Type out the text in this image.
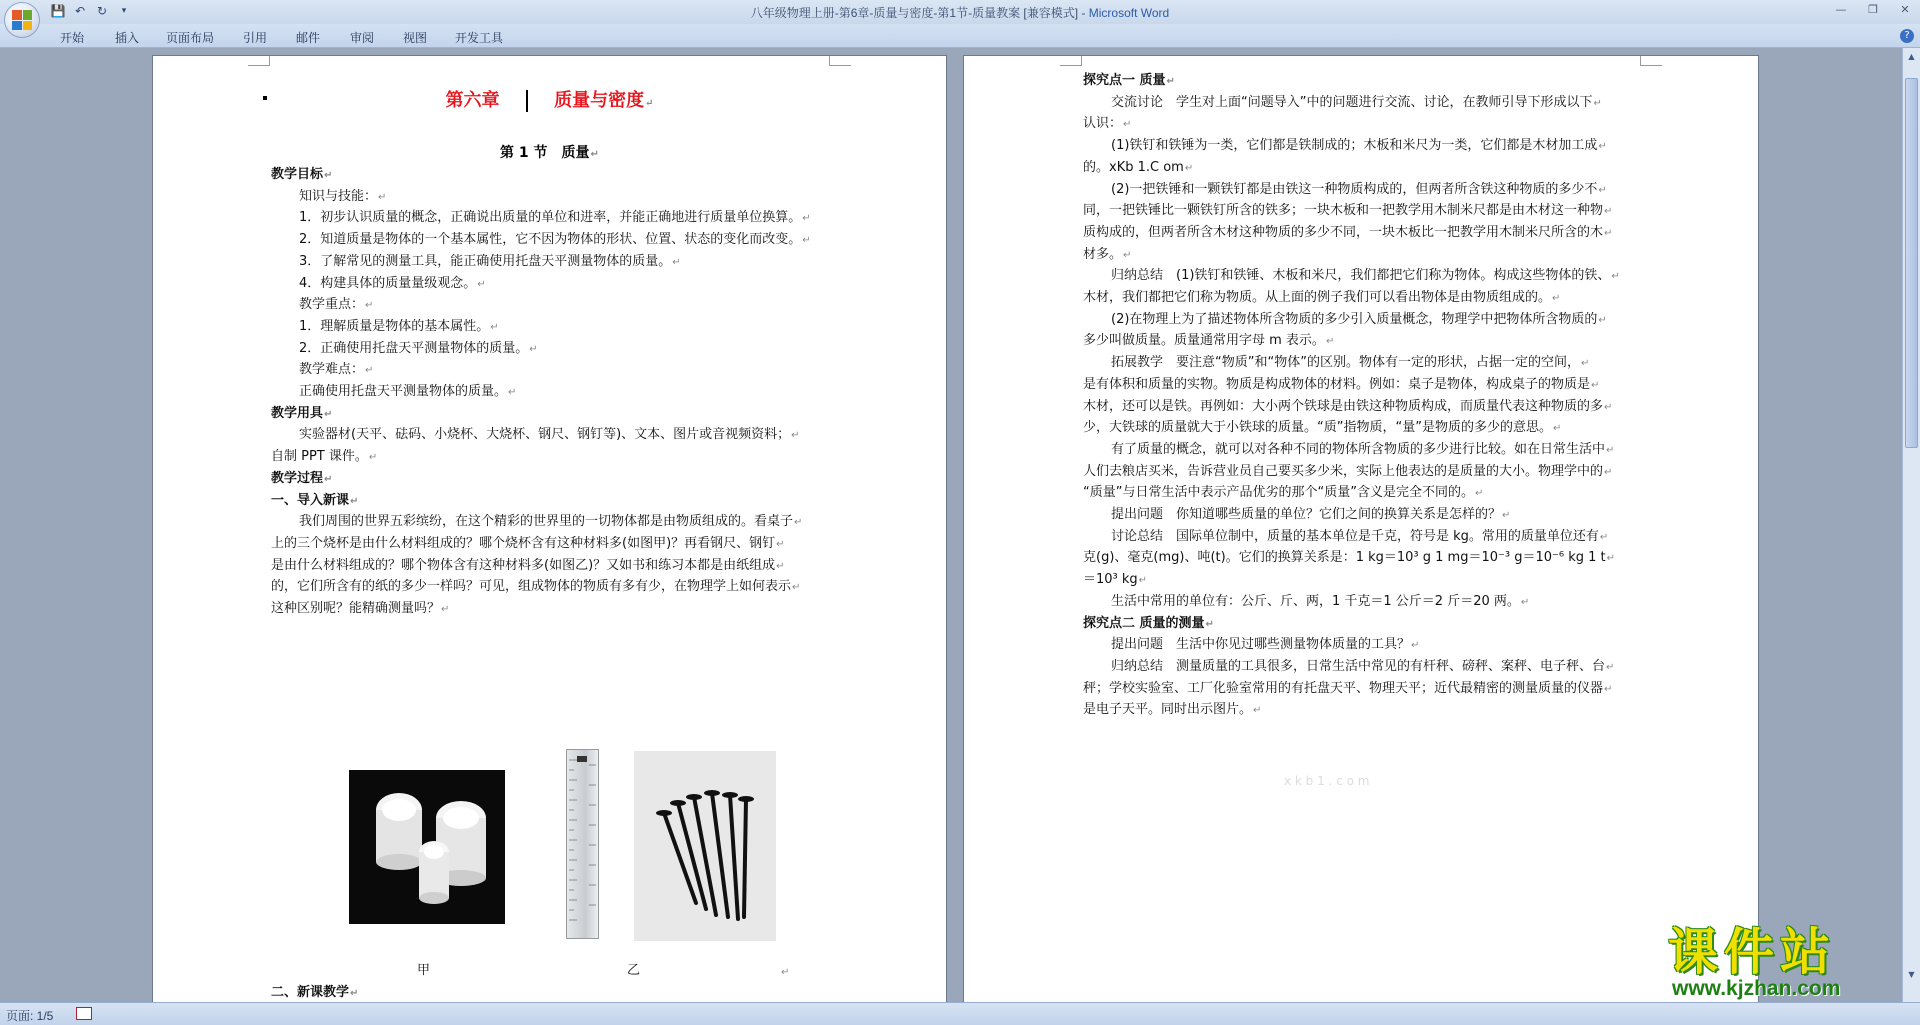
💾 ↶ ↻	▾	八年级物理上册-第6章-质量与密度-第1节-质量教案 [兼容模式] - Microsoft Word	—	❐	✕
开始	插入 页面布局 引用 邮件 审阅 视图 开发工具	?
第六章	质量与密度↵
第 1 节　质量↵
教学目标↵
知识与技能：↵
1．初步认识质量的概念，正确说出质量的单位和进率，并能正确地进行质量单位换算。↵
2．知道质量是物体的一个基本属性，它不因为物体的形状、位置、状态的变化而改变。↵
3．了解常见的测量工具，能正确使用托盘天平测量物体的质量。↵
4．构建具体的质量量级观念。↵
教学重点：↵
1．理解质量是物体的基本属性。↵
2．正确使用托盘天平测量物体的质量。↵
教学难点：↵
正确使用托盘天平测量物体的质量。↵
教学用具↵
实验器材(天平、砝码、小烧杯、大烧杯、钢尺、钢钉等)、文本、图片或音视频资料；↵
自制 PPT 课件。↵
教学过程↵
一、导入新课↵
我们周围的世界五彩缤纷，在这个精彩的世界里的一切物体都是由物质组成的。看桌子↵
上的三个烧杯是由什么材料组成的？哪个烧杯含有这种材料多(如图甲)？再看钢尺、钢钉↵
是由什么材料组成的？哪个物体含有这种材料多(如图乙)？又如书和练习本都是由纸组成↵
的，它们所含有的纸的多少一样吗？可见，组成物体的物质有多有少，在物理学上如何表示↵
这种区别呢？能精确测量吗？↵
甲	乙	↵
二、新课教学↵
探究点一 质量↵
交流讨论　学生对上面“问题导入”中的问题进行交流、讨论，在教师引导下形成以下↵
认识：↵
(1)铁钉和铁锤为一类，它们都是铁制成的；木板和米尺为一类，它们都是木材加工成↵
的。xKb 1.C om↵
(2)一把铁锤和一颗铁钉都是由铁这一种物质构成的，但两者所含铁这种物质的多少不↵
同，一把铁锤比一颗铁钉所含的铁多；一块木板和一把教学用木制米尺都是由木材这一种物↵
质构成的，但两者所含木材这种物质的多少不同，一块木板比一把教学用木制米尺所含的木↵
材多。↵
归纳总结　(1)铁钉和铁锤、木板和米尺，我们都把它们称为物体。构成这些物体的铁、↵
木材，我们都把它们称为物质。从上面的例子我们可以看出物体是由物质组成的。↵
(2)在物理上为了描述物体所含物质的多少引入质量概念，物理学中把物体所含物质的↵
多少叫做质量。质量通常用字母 m 表示。↵
拓展教学　要注意“物质”和“物体”的区别。物体有一定的形状，占据一定的空间，↵
是有体积和质量的实物。物质是构成物体的材料。例如：桌子是物体，构成桌子的物质是↵
木材，还可以是铁。再例如：大小两个铁球是由铁这种物质构成，而质量代表这种物质的多↵
少，大铁球的质量就大于小铁球的质量。“质”指物质，“量”是物质的多少的意思。↵
有了质量的概念，就可以对各种不同的物体所含物质的多少进行比较。如在日常生活中↵
人们去粮店买米，告诉营业员自己要买多少米，实际上他表达的是质量的大小。物理学中的↵
“质量”与日常生活中表示产品优劣的那个“质量”含义是完全不同的。↵
提出问题　你知道哪些质量的单位？它们之间的换算关系是怎样的？↵
讨论总结　国际单位制中，质量的基本单位是千克，符号是 kg。常用的质量单位还有↵
克(g)、毫克(mg)、吨(t)。它们的换算关系是：1 kg＝10³ g 1 mg＝10⁻³ g＝10⁻⁶ kg 1 t↵
＝10³ kg↵
生活中常用的单位有：公斤、斤、两，1 千克＝1 公斤＝2 斤＝20 两。↵
探究点二 质量的测量↵
提出问题　生活中你见过哪些测量物体质量的工具？↵
归纳总结　测量质量的工具很多，日常生活中常见的有杆秤、磅秤、案秤、电子秤、台↵
秤；学校实验室、工厂化验室常用的有托盘天平、物理天平；近代最精密的测量质量的仪器↵
是电子天平。同时出示图片。↵
x k b 1 . c o m
▲
▼
页面: 1/5
课件站
www.kjzhan.com
